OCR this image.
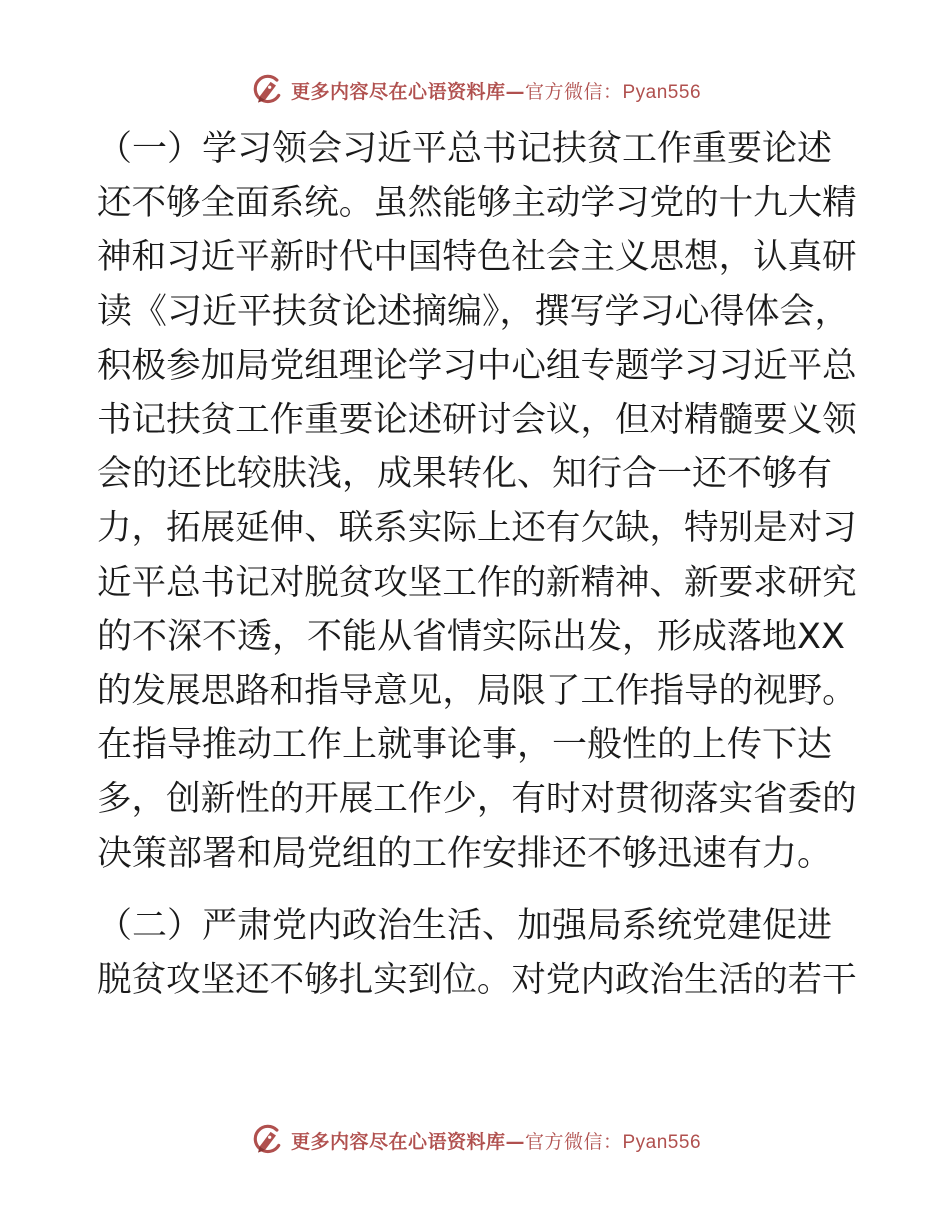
更多内容尽在心语资料库—官方微信：Pyan556

（一）学习领会习近平总书记扶贫工作重要论述
还不够全面系统。虽然能够主动学习党的十九大精
神和习近平新时代中国特色社会主义思想，认真研
读《习近平扶贫论述摘编》，撰写学习心得体会，
积极参加局党组理论学习中心组专题学习习近平总
书记扶贫工作重要论述研讨会议，但对精髓要义领
会的还比较肤浅，成果转化、知行合一还不够有
力，拓展延伸、联系实际上还有欠缺，特别是对习
近平总书记对脱贫攻坚工作的新精神、新要求研究
的不深不透，不能从省情实际出发，形成落地XX
的发展思路和指导意见，局限了工作指导的视野。
在指导推动工作上就事论事，一般性的上传下达
多，创新性的开展工作少，有时对贯彻落实省委的
决策部署和局党组的工作安排还不够迅速有力。

（二）严肃党内政治生活、加强局系统党建促进
脱贫攻坚还不够扎实到位。对党内政治生活的若干

更多内容尽在心语资料库—官方微信：Pyan556
